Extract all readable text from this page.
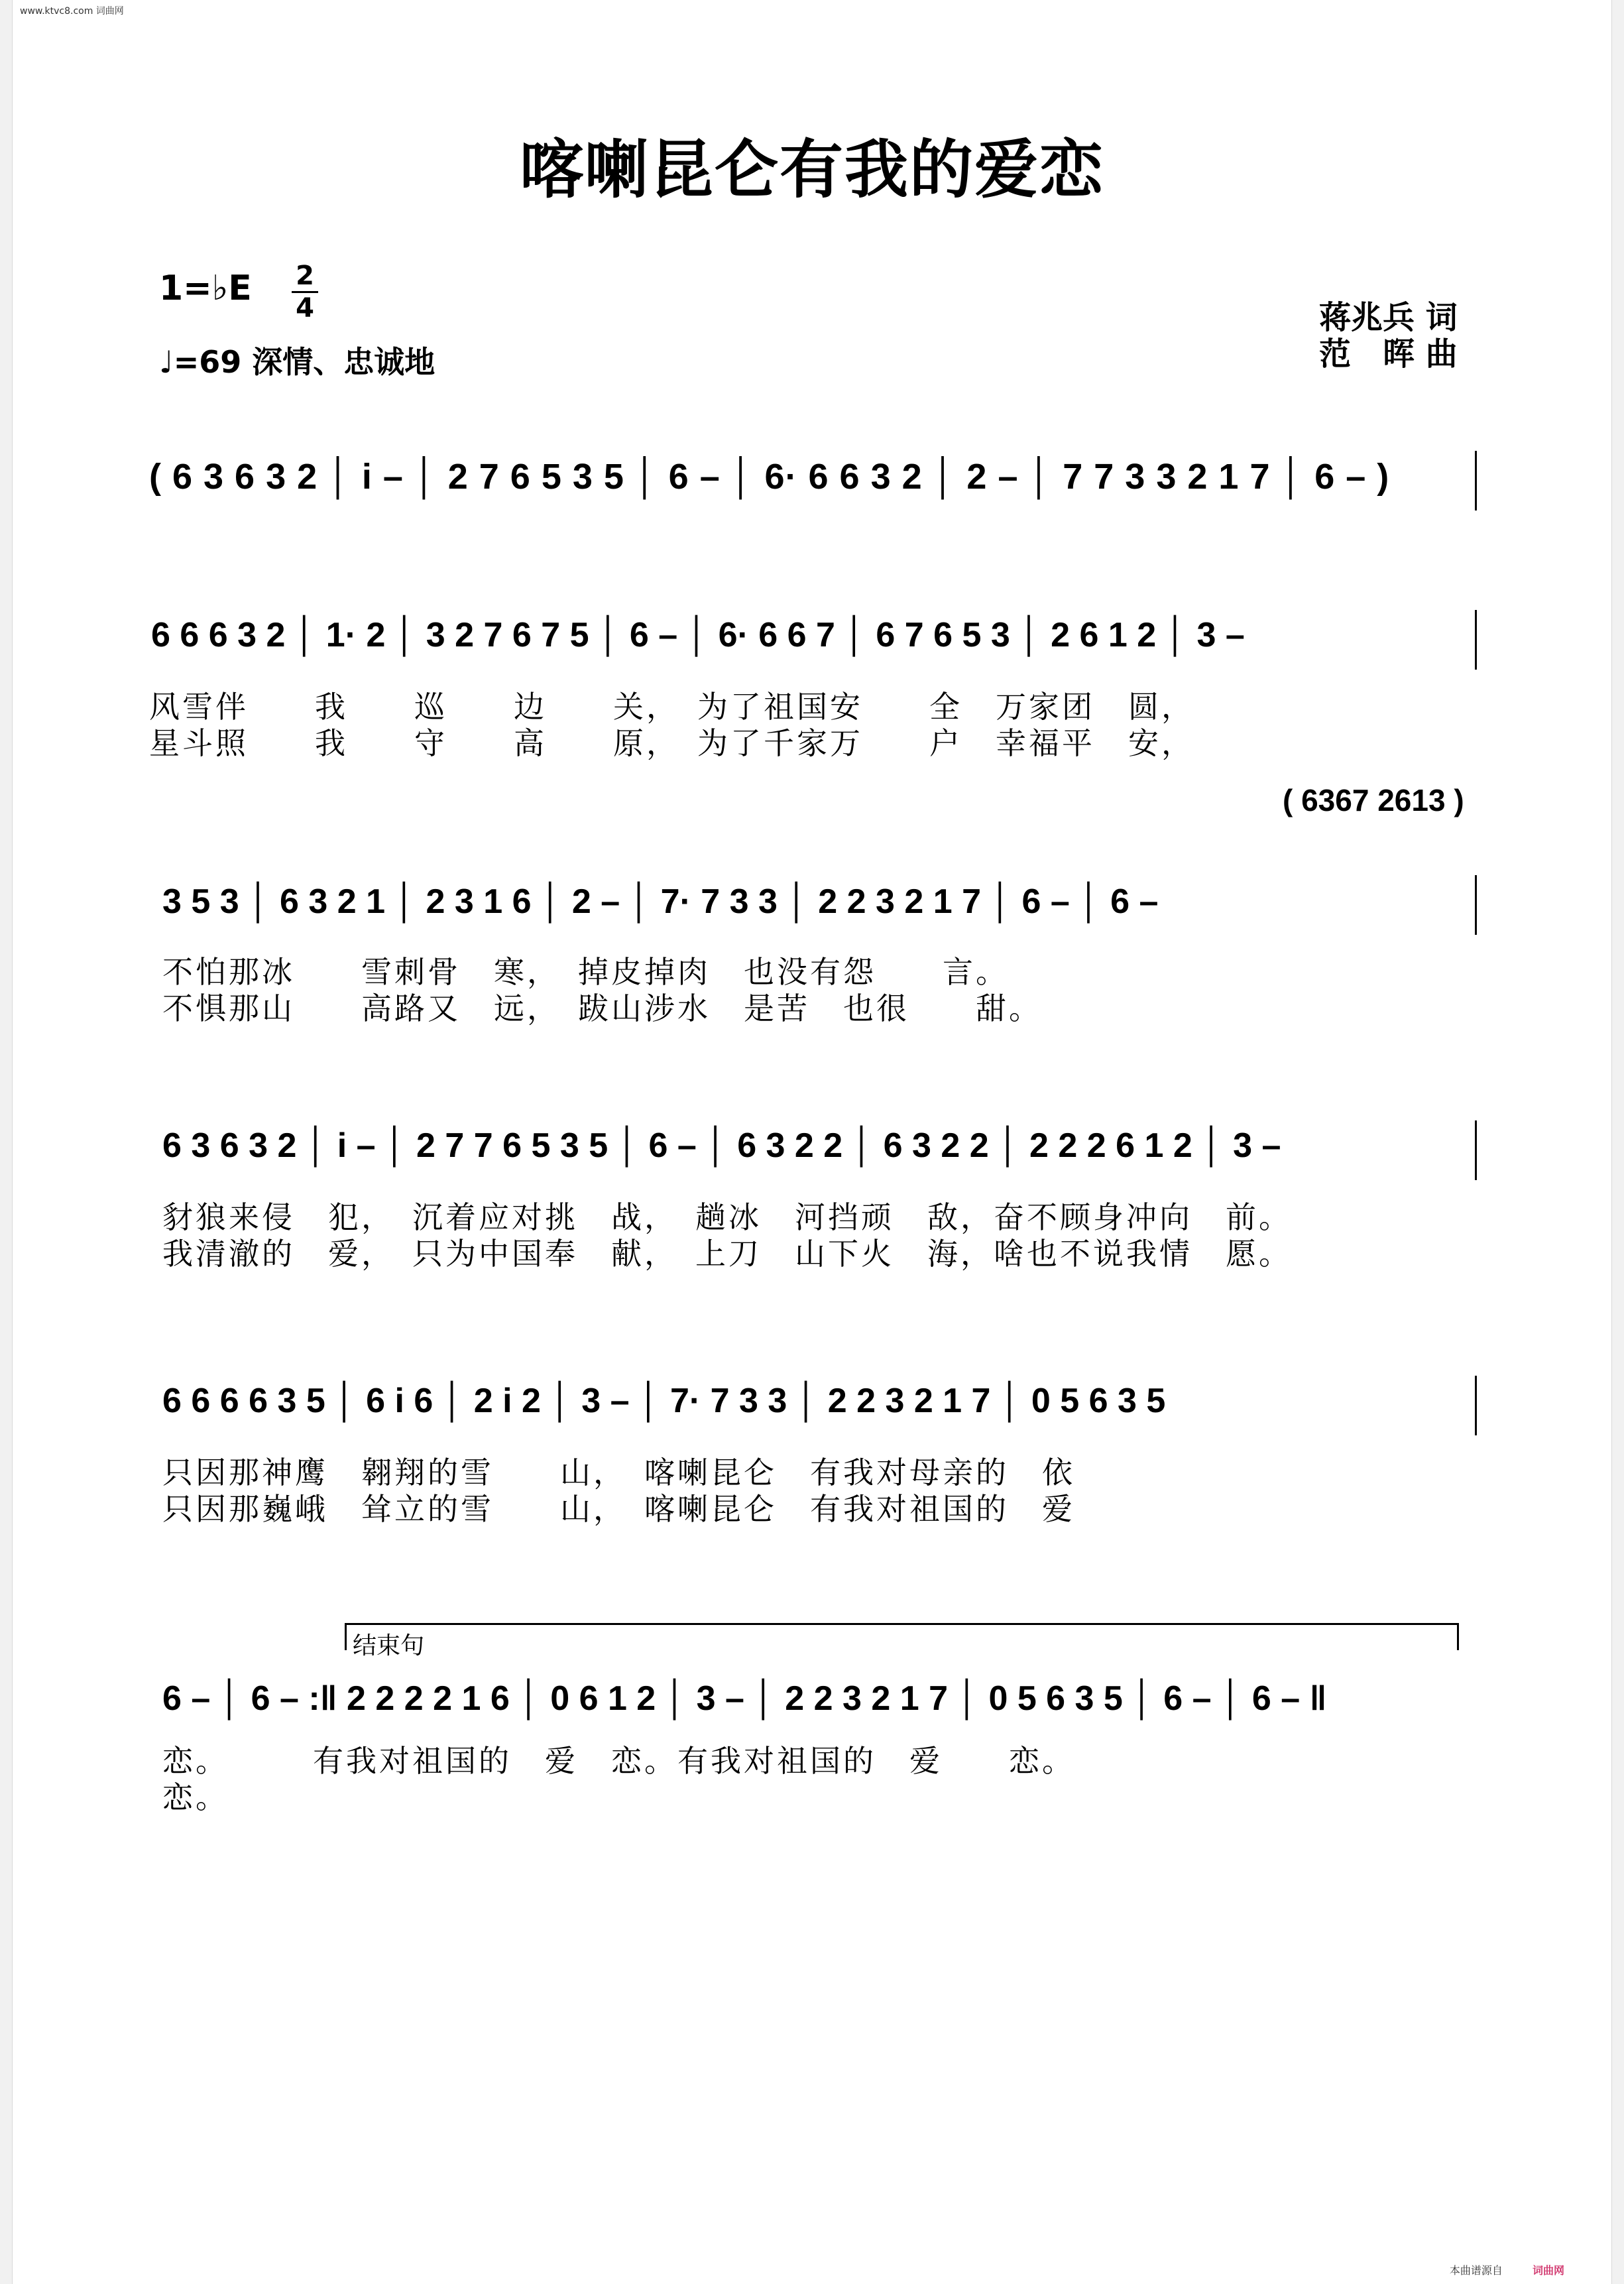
www.ktvc8.com 词曲网
喀喇昆仑有我的爱恋
1=♭E 2
4
♩=69 深情、忠诚地
蒋兆兵 词
范　晖 曲
( 6 3 6 3 2 │ i – │ 2 7 6 5 3 5 │ 6 – │ 6· 6 6 3 2 │ 2 – │ 7 7 3 3 2 1 7 │ 6 – )
6 6 6 3 2 │ 1· 2 │ 3 2 7 6 7 5 │ 6 – │ 6· 6 6 7 │ 6 7 6 5 3 │ 2 6 1 2 │ 3 –
风雪伴　　我　　巡　　边　　关，　为了祖国安　　全　万家团　圆，
星斗照　　我　　守　　高　　原，　为了千家万　　户　幸福平　安，
( 6367 2613 )
3 5 3 │ 6 3 2 1 │ 2 3 1 6 │ 2 – │ 7· 7 3 3 │ 2 2 3 2 1 7 │ 6 – │ 6 –
不怕那冰　　雪刺骨　寒，　掉皮掉肉　也没有怨　　言。
不惧那山　　高路又　远，　跋山涉水　是苦　也很　　甜。
6 3 6 3 2 │ i – │ 2 7 7 6 5 3 5 │ 6 – │ 6 3 2 2 │ 6 3 2 2 │ 2 2 2 6 1 2 │ 3 –
豺狼来侵　犯，　沉着应对挑　战，　趟冰　河挡顽　敌，奋不顾身冲向　前。
我清澈的　爱，　只为中国奉　献，　上刀　山下火　海，啥也不说我情　愿。
6 6 6 6 3 5 │ 6 i 6 │ 2 i 2 │ 3 – │ 7· 7 3 3 │ 2 2 3 2 1 7 │ 0 5 6 3 5
只因那神鹰　翱翔的雪　　山，　喀喇昆仑　有我对母亲的　依
只因那巍峨　耸立的雪　　山，　喀喇昆仑　有我对祖国的　爱
结束句
6 – │ 6 – :‖ 2 2 2 2 1 6 │ 0 6 1 2 │ 3 – │ 2 2 3 2 1 7 │ 0 5 6 3 5 │ 6 – │ 6 – ‖
恋。　　　有我对祖国的　爱　恋。有我对祖国的　爱　　恋。
恋。
本曲谱源自	词曲网
